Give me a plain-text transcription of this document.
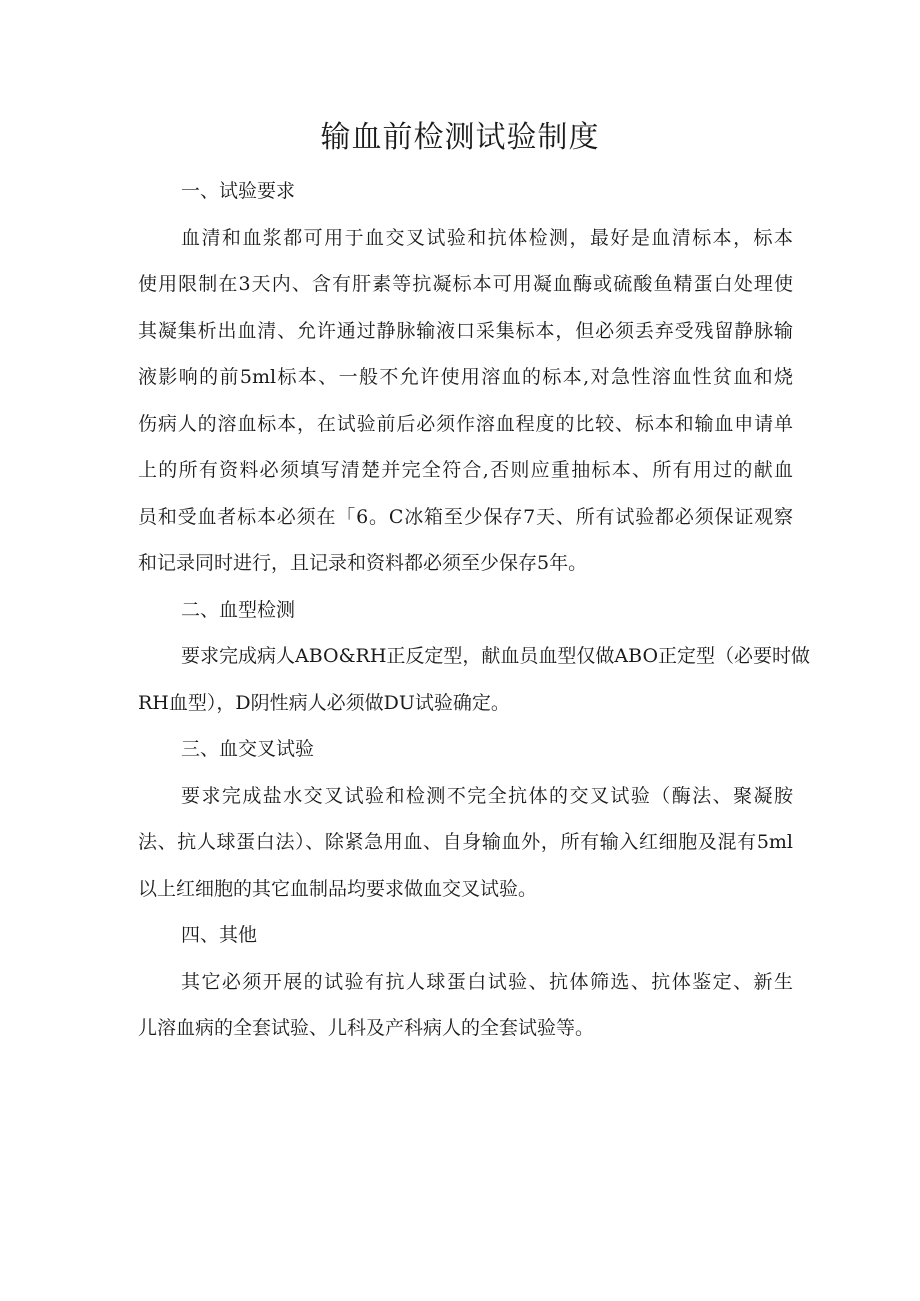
输血前检测试验制度
一、试验要求
血清和血浆都可用于血交叉试验和抗体检测，最好是血清标本，标本
使用限制在3天内、含有肝素等抗凝标本可用凝血酶或硫酸鱼精蛋白处理使
其凝集析出血清、允许通过静脉输液口采集标本，但必须丢弃受残留静脉输
液影响的前5ml标本、一般不允许使用溶血的标本,对急性溶血性贫血和烧
伤病人的溶血标本，在试验前后必须作溶血程度的比较、标本和输血申请单
上的所有资料必须填写清楚并完全符合,否则应重抽标本、所有用过的献血
员和受血者标本必须在「6。C冰箱至少保存7天、所有试验都必须保证观察
和记录同时进行，且记录和资料都必须至少保存5年。
二、血型检测
要求完成病人ABO&RH正反定型，献血员血型仅做ABO正定型（必要时做
RH血型），D阴性病人必须做DU试验确定。
三、血交叉试验
要求完成盐水交叉试验和检测不完全抗体的交叉试验（酶法、聚凝胺
法、抗人球蛋白法）、除紧急用血、自身输血外，所有输入红细胞及混有5ml
以上红细胞的其它血制品均要求做血交叉试验。
四、其他
其它必须开展的试验有抗人球蛋白试验、抗体筛选、抗体鉴定、新生
儿溶血病的全套试验、儿科及产科病人的全套试验等。
